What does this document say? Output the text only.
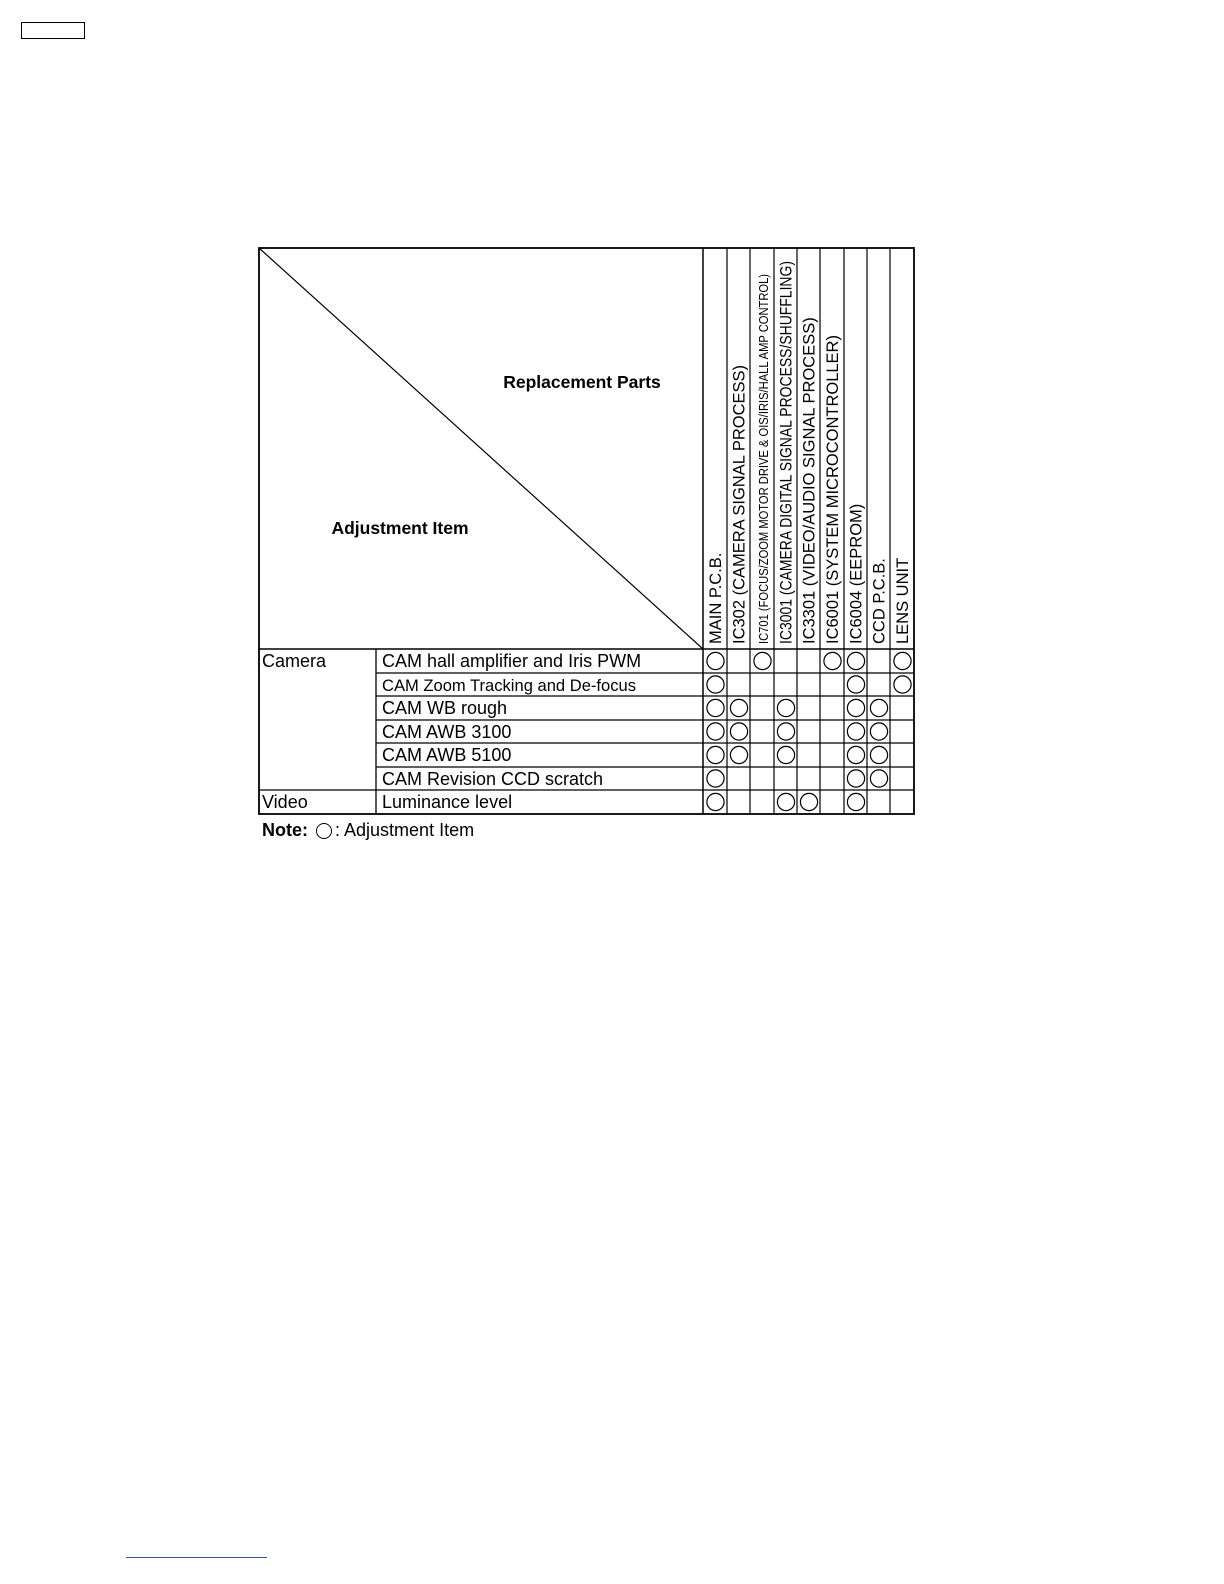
Replacement Parts
Adjustment Item
MAIN P.C.B. IC302 (CAMERA SIGNAL PROCESS) IC701 (FOCUS/ZOOM MOTOR DRIVE & OIS/IRIS/HALL AMP CONTROL) IC3001 (CAMERA DIGITAL SIGNAL PROCESS/SHUFFLING) IC3301 (VIDEO/AUDIO SIGNAL PROCESS) IC6001 (SYSTEM MICROCONTROLLER) IC6004 (EEPROM) CCD P.C.B. LENS UNIT
Camera
Video
CAM hall amplifier and Iris PWM
CAM Zoom Tracking and De-focus
CAM WB rough
CAM AWB 3100
CAM AWB 5100
CAM Revision CCD scratch
Luminance level
Note: : Adjustment Item
